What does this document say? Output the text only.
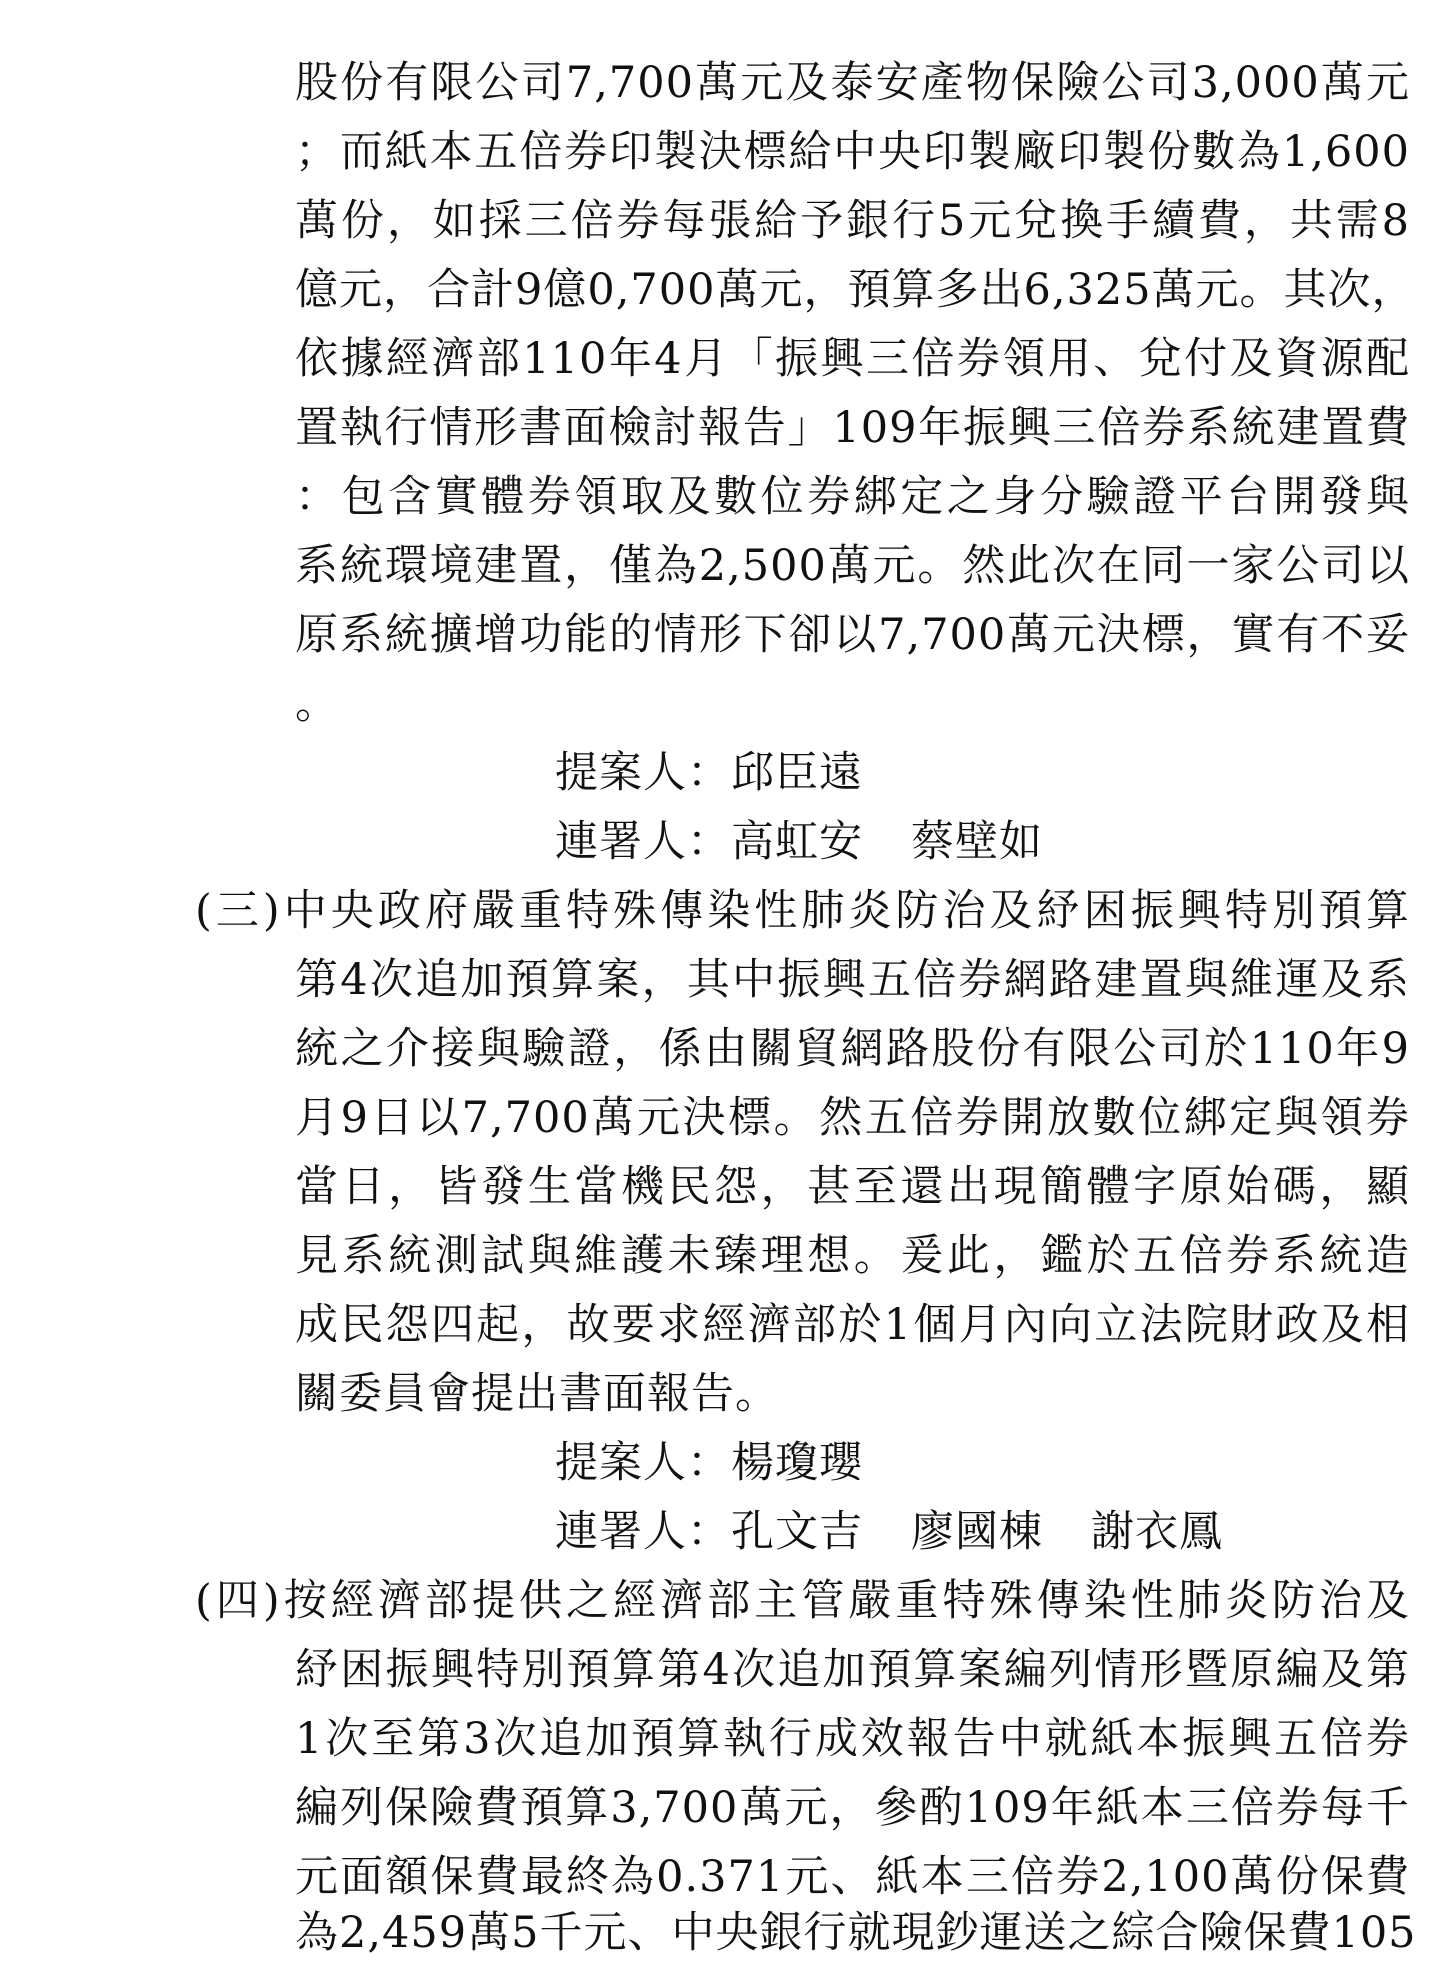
股份有限公司7,700萬元及泰安產物保險公司3,000萬元
；而紙本五倍券印製決標給中央印製廠印製份數為1,600
萬份，如採三倍券每張給予銀行5元兌換手續費，共需8
億元，合計9億0,700萬元，預算多出6,325萬元。其次，
依據經濟部110年4月「振興三倍券領用、兌付及資源配
置執行情形書面檢討報告」109年振興三倍券系統建置費
：包含實體券領取及數位券綁定之身分驗證平台開發與
系統環境建置，僅為2,500萬元。然此次在同一家公司以
原系統擴增功能的情形下卻以7,700萬元決標，實有不妥
。
提案人：邱臣遠
連署人：高虹安 蔡壁如
(三)中央政府嚴重特殊傳染性肺炎防治及紓困振興特別預算
第4次追加預算案，其中振興五倍券網路建置與維運及系
統之介接與驗證，係由關貿網路股份有限公司於110年9
月9日以7,700萬元決標。然五倍券開放數位綁定與領券
當日，皆發生當機民怨，甚至還出現簡體字原始碼，顯
見系統測試與維護未臻理想。爰此，鑑於五倍券系統造
成民怨四起，故要求經濟部於1個月內向立法院財政及相
關委員會提出書面報告。
提案人：楊瓊瓔
連署人：孔文吉 廖國棟 謝衣鳳
(四)按經濟部提供之經濟部主管嚴重特殊傳染性肺炎防治及
紓困振興特別預算第4次追加預算案編列情形暨原編及第
1次至第3次追加預算執行成效報告中就紙本振興五倍券
編列保險費預算3,700萬元，參酌109年紙本三倍券每千
元面額保費最終為0.371元、紙本三倍券2,100萬份保費
為2,459萬5千元、中央銀行就現鈔運送之綜合險保費105
